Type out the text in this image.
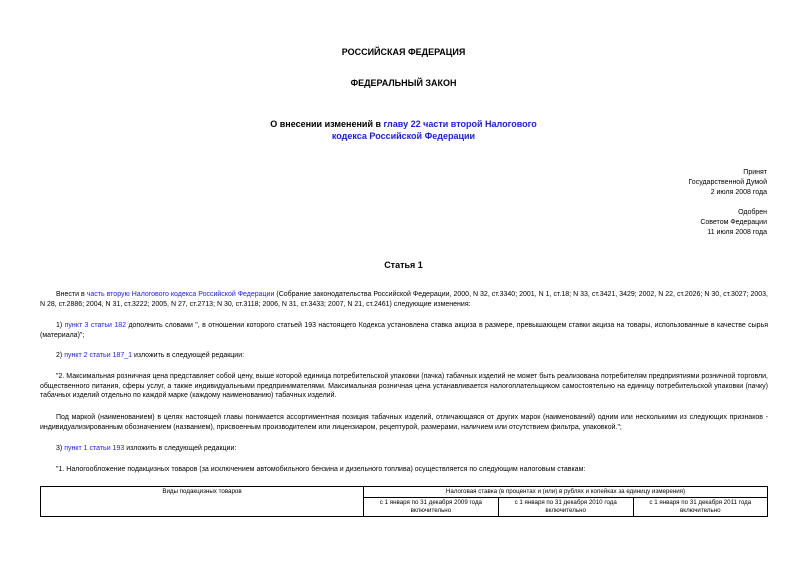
РОССИЙСКАЯ ФЕДЕРАЦИЯ
ФЕДЕРАЛЬНЫЙ ЗАКОН
О внесении изменений в главу 22 части второй Налогового
кодекса Российской Федерации
Принят
Государственной Думой
2 июля 2008 года
Одобрен
Советом Федерации
11 июля 2008 года
Статья 1
Внести в часть вторую Налогового кодекса Российской Федерации (Собрание законодательства Российской Федерации, 2000, N 32, ст.3340; 2001, N 1, ст.18; N 33, ст.3421, 3429; 2002, N 22, ст.2026; N 30, ст.3027; 2003, N 28, ст.2886; 2004, N 31, ст.3222; 2005, N 27, ст.2713; N 30, ст.3118; 2006, N 31, ст.3433; 2007, N 21, ст.2461) следующие изменения:
1) пункт 3 статьи 182 дополнить словами ", в отношении которого статьей 193 настоящего Кодекса установлена ставка акциза в размере, превышающем ставки акциза на товары, использованные в качестве сырья (материала)";
2) пункт 2 статьи 187_1 изложить в следующей редакции:
"2. Максимальная розничная цена представляет собой цену, выше которой единица потребительской упаковки (пачка) табачных изделий не может быть реализована потребителям предприятиями розничной торговли, общественного питания, сферы услуг, а также индивидуальными предпринимателями. Максимальная розничная цена устанавливается налогоплательщиком самостоятельно на единицу потребительской упаковки (пачку) табачных изделий отдельно по каждой марке (каждому наименованию) табачных изделий.
Под маркой (наименованием) в целях настоящей главы понимается ассортиментная позиция табачных изделий, отличающаяся от других марок (наименований) одним или несколькими из следующих признаков - индивидуализированным обозначением (названием), присвоенным производителем или лицензиаром, рецептурой, размерами, наличием или отсутствием фильтра, упаковкой.";
3) пункт 1 статьи 193 изложить в следующей редакции:
"1. Налогообложение подакцизных товаров (за исключением автомобильного бензина и дизельного топлива) осуществляется по следующим налоговым ставкам:
Виды подакцизных товаров	Налоговая ставка (в процентах и (или) в рублях и копейках за единицу измерения)		
	с 1 января по 31 декабря 2009 года включительно	с 1 января по 31 декабря 2010 года включительно	с 1 января по 31 декабря 2011 года включительно
